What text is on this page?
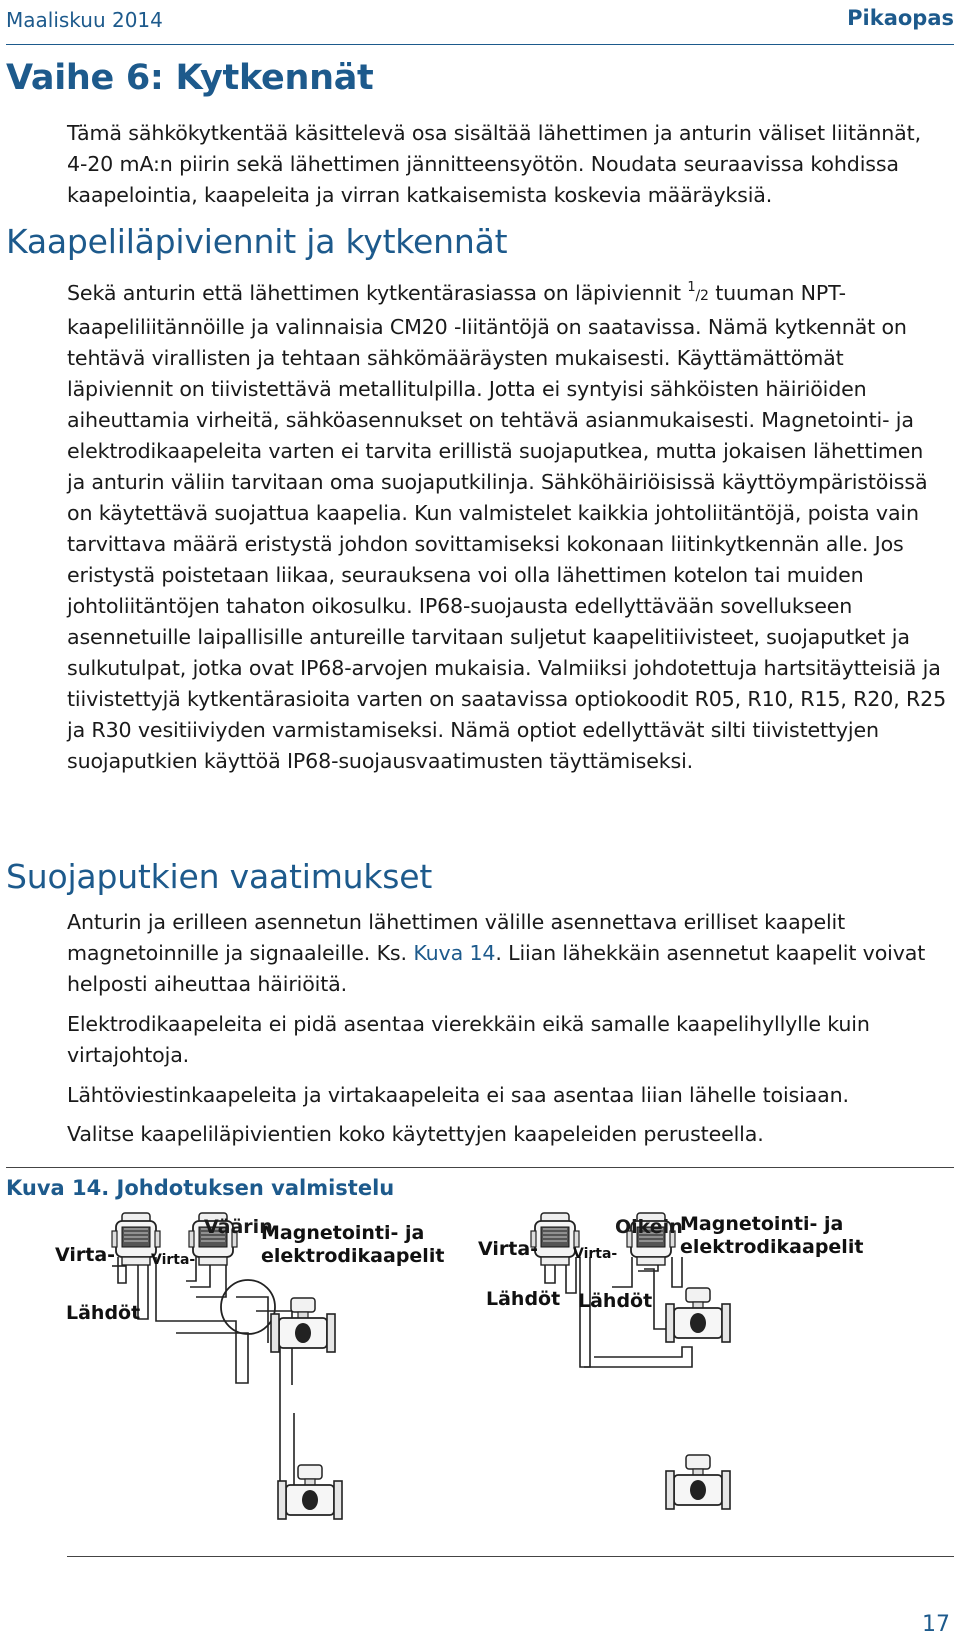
Maaliskuu 2014	Pikaopas
Vaihe 6: Kytkennät

Tämä sähkökytkentää käsittelevä osa sisältää lähettimen ja anturin väliset liitännät, 4-20 mA:n piirin sekä lähettimen jännitteensyötön. Noudata seuraavissa kohdissa kaapelointia, kaapeleita ja virran katkaisemista koskevia määräyksiä.

Kaapeliläpiviennit ja kytkennät

Sekä anturin että lähettimen kytkentärasiassa on läpiviennit $^1$/2 tuuman NPT-kaapeliliitännöille ja valinnaisia CM20 -liitäntöjä on saatavissa. Nämä kytkennät on tehtävä virallisten ja tehtaan sähkömääräysten mukaisesti. Käyttämättömät läpiviennit on tiivistettävä metallitulpilla. Jotta ei syntyisi sähköisten häiriöiden aiheuttamia virheitä, sähköasennukset on tehtävä asianmukaisesti. Magnetointi- ja elektrodikaapeleita varten ei tarvita erillistä suojaputkea, mutta jokaisen lähettimen ja anturin väliin tarvitaan oma suojaputkilinja. Sähköhäiriöisissä käyttöympäristöissä on käytettävä suojattua kaapelia. Kun valmistelet kaikkia johtoliitäntöjä, poista vain tarvittava määrä eristystä johdon sovittamiseksi kokonaan liitinkytkennän alle. Jos eristystä poistetaan liikaa, seurauksena voi olla lähettimen kotelon tai muiden johtoliitäntöjen tahaton oikosulku. IP68-suojausta edellyttävään sovellukseen asennetuille laipallisille antureille tarvitaan suljetut kaapelitiivisteet, suojaputket ja sulkutulpat, jotka ovat IP68-arvojen mukaisia. Valmiiksi johdotettuja hartsitäytteisiä ja tiivistettyjä kytkentärasioita varten on saatavissa optiokoodit R05, R10, R15, R20, R25 ja R30 vesitiiviyden varmistamiseksi. Nämä optiot edellyttävät silti tiivistettyjen suojaputkien käyttöä IP68-suojausvaatimusten täyttämiseksi.

Suojaputkien vaatimukset

Anturin ja erilleen asennetun lähettimen välille asennettava erilliset kaapelit magnetoinnille ja signaaleille. Ks. Kuva 14. Liian lähekkäin asennetut kaapelit voivat helposti aiheuttaa häiriöitä.

Elektrodikaapeleita ei pidä asentaa vierekkäin eikä samalle kaapelihyllylle kuin virtajohtoja.

Lähtöviestinkaapeleita ja virtakaapeleita ei saa asentaa liian lähelle toisiaan.

Valitse kaapeliläpivientien koko käytettyjen kaapeleiden perusteella.

Kuva 14. Johdotuksen valmistelu
Virta-	Virta-
Lähdöt
Magnetointi- ja
elektrodikaapelit Virta- Virta-
Lähdöt Lähdöt
Magnetointi- ja
elektrodikaapelit
Väärin	Oikein
17
